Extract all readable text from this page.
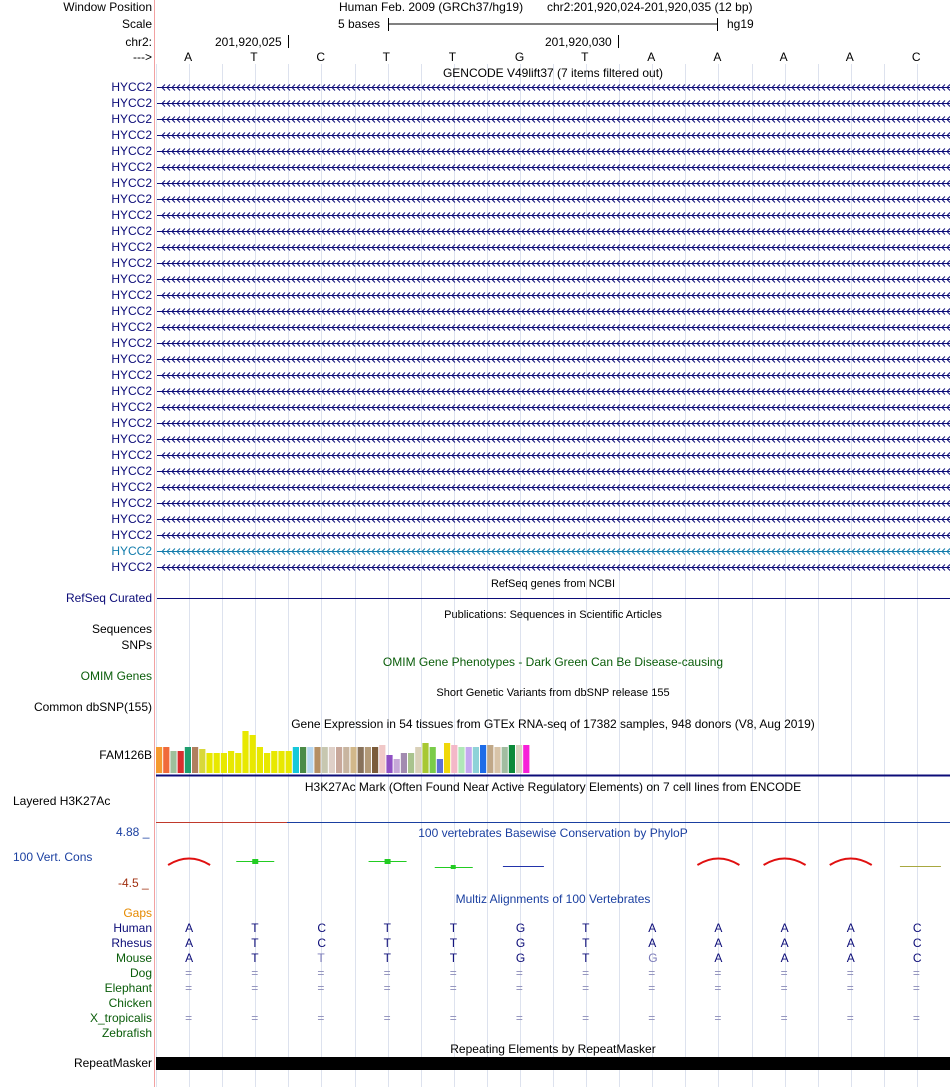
Window Position	Human Feb. 2009 (GRCh37/hg19) chr2:201,920,024-201,920,035 (12 bp)
Scale	5 bases	hg19
chr2:	201,920,025	201,920,030
--->	A	T	C	T	T	G	T	A	A	A	A	C
GENCODE V49lift37 (7 items filtered out)
HYCC2
HYCC2
HYCC2
HYCC2
HYCC2
HYCC2
HYCC2
HYCC2
HYCC2
HYCC2
HYCC2
HYCC2
HYCC2
HYCC2
HYCC2
HYCC2
HYCC2
HYCC2
HYCC2
HYCC2
HYCC2
HYCC2
HYCC2
HYCC2
HYCC2
HYCC2
HYCC2
HYCC2
HYCC2
HYCC2
HYCC2
RefSeq genes from NCBI
RefSeq Curated
Publications: Sequences in Scientific Articles
Sequences
SNPs
OMIM Gene Phenotypes - Dark Green Can Be Disease-causing
OMIM Genes
Short Genetic Variants from dbSNP release 155
Common dbSNP(155)
Gene Expression in 54 tissues from GTEx RNA-seq of 17382 samples, 948 donors (V8, Aug 2019)
FAM126B
H3K27Ac Mark (Often Found Near Active Regulatory Elements) on 7 cell lines from ENCODE
Layered H3K27Ac
100 vertebrates Basewise Conservation by PhyloP
4.88 _
100 Vert. Cons
-4.5 _
Multiz Alignments of 100 Vertebrates
Gaps
Human	A	T	C	T	T	G	T	A	A	A	A	C
Rhesus	A	T	C	T	T	G	T	A	A	A	A	C
Mouse	A	T	T	T	T	G	T	G	A	A	A	C
Dog	=	=	=	=	=	=	=	=	=	=	=	=
Elephant	=	=	=	=	=	=	=	=	=	=	=	=
Chicken
X_tropicalis	=	=	=	=	=	=	=	=	=	=	=	=
Zebrafish
Repeating Elements by RepeatMasker
RepeatMasker
